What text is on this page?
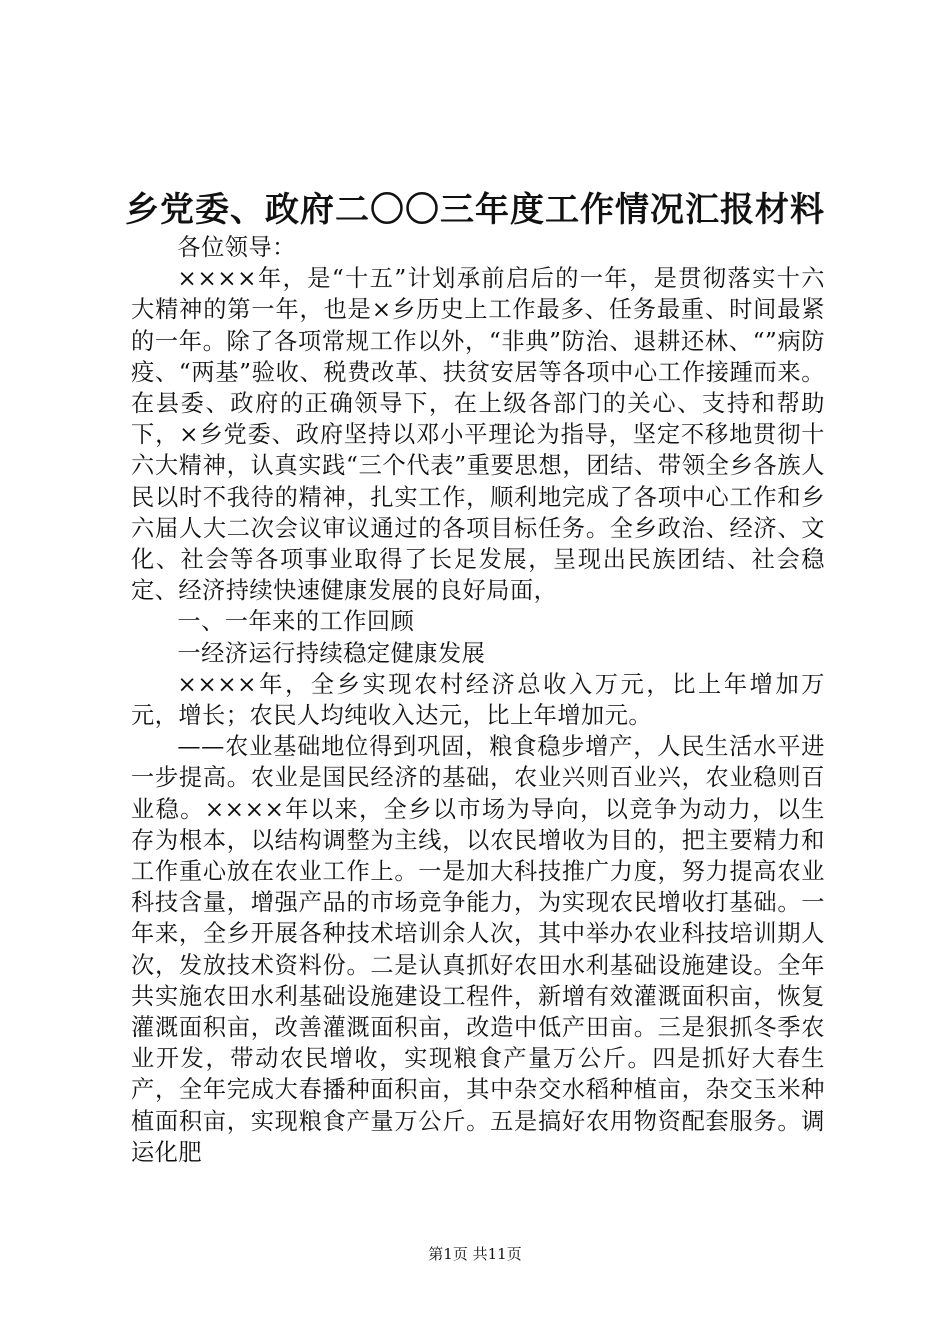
乡党委、政府二〇〇三年度工作情况汇报材料

各位领导：

××××年，是“十五”计划承前启后的一年，是贯彻落实十六大精神的第一年，也是×乡历史上工作最多、任务最重、时间最紧的一年。除了各项常规工作以外，“非典”防治、退耕还林、“”病防疫、“两基”验收、税费改革、扶贫安居等各项中心工作接踵而来。在县委、政府的正确领导下，在上级各部门的关心、支持和帮助下，×乡党委、政府坚持以邓小平理论为指导，坚定不移地贯彻十六大精神，认真实践“三个代表”重要思想，团结、带领全乡各族人民以时不我待的精神，扎实工作，顺利地完成了各项中心工作和乡六届人大二次会议审议通过的各项目标任务。全乡政治、经济、文化、社会等各项事业取得了长足发展，呈现出民族团结、社会稳定、经济持续快速健康发展的良好局面，

一、一年来的工作回顾

一经济运行持续稳定健康发展

××××年，全乡实现农村经济总收入万元，比上年增加万元，增长；农民人均纯收入达元，比上年增加元。

——农业基础地位得到巩固，粮食稳步增产，人民生活水平进一步提高。农业是国民经济的基础，农业兴则百业兴，农业稳则百业稳。××××年以来，全乡以市场为导向，以竞争为动力，以生存为根本，以结构调整为主线，以农民增收为目的，把主要精力和工作重心放在农业工作上。一是加大科技推广力度，努力提高农业科技含量，增强产品的市场竞争能力，为实现农民增收打基础。一年来，全乡开展各种技术培训余人次，其中举办农业科技培训期人次，发放技术资料份。二是认真抓好农田水利基础设施建设。全年共实施农田水利基础设施建设工程件，新增有效灌溉面积亩，恢复灌溉面积亩，改善灌溉面积亩，改造中低产田亩。三是狠抓冬季农业开发，带动农民增收，实现粮食产量万公斤。四是抓好大春生产，全年完成大春播种面积亩，其中杂交水稻种植亩，杂交玉米种植面积亩，实现粮食产量万公斤。五是搞好农用物资配套服务。调运化肥

第1页 共11页
